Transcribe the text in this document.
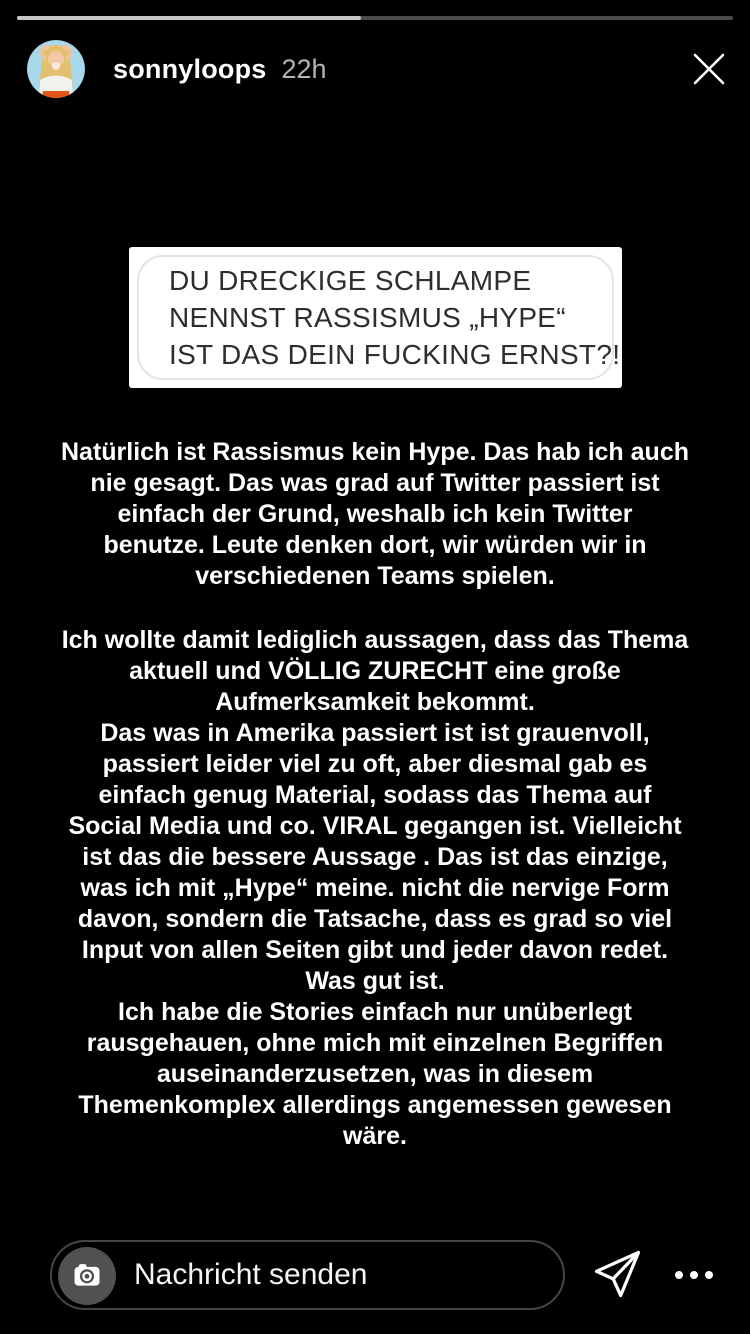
sonnyloops 22h
DU DRECKIGE SCHLAMPE
NENNST RASSISMUS „HYPE“
IST DAS DEIN FUCKING ERNST?!
Natürlich ist Rassismus kein Hype. Das hab ich auch
nie gesagt. Das was grad auf Twitter passiert ist
einfach der Grund, weshalb ich kein Twitter
benutze. Leute denken dort, wir würden wir in
verschiedenen Teams spielen.
Ich wollte damit lediglich aussagen, dass das Thema
aktuell und VÖLLIG ZURECHT eine große
Aufmerksamkeit bekommt.
Das was in Amerika passiert ist ist grauenvoll,
passiert leider viel zu oft, aber diesmal gab es
einfach genug Material, sodass das Thema auf
Social Media und co. VIRAL gegangen ist. Vielleicht
ist das die bessere Aussage . Das ist das einzige,
was ich mit „Hype“ meine. nicht die nervige Form
davon, sondern die Tatsache, dass es grad so viel
Input von allen Seiten gibt und jeder davon redet.
Was gut ist.
Ich habe die Stories einfach nur unüberlegt
rausgehauen, ohne mich mit einzelnen Begriffen
auseinanderzusetzen, was in diesem
Themenkomplex allerdings angemessen gewesen
wäre.
Nachricht senden
